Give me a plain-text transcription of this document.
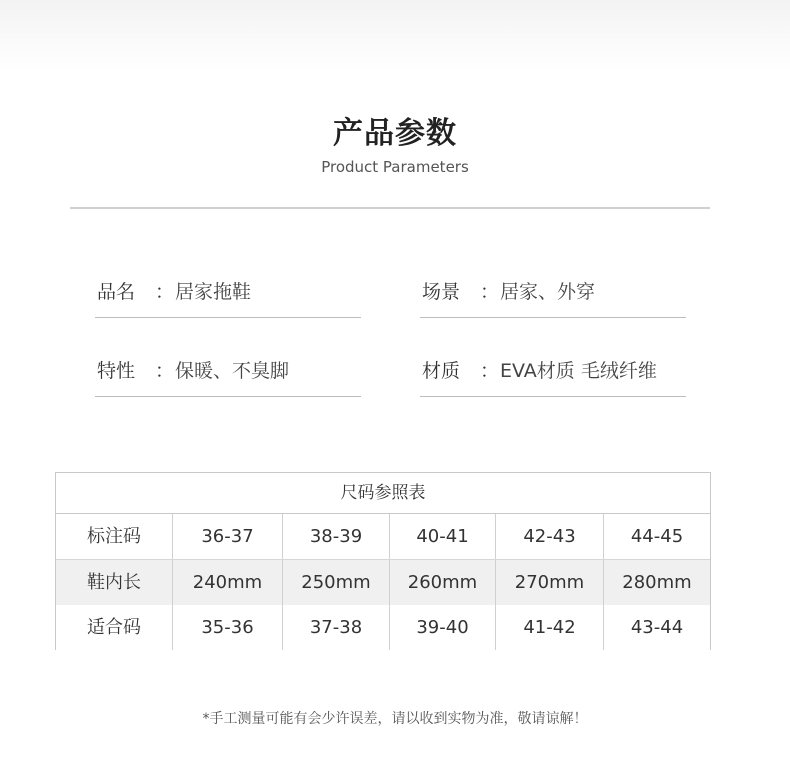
产品参数
Product Parameters
品名 ： 居家拖鞋	场景 ： 居家、外穿
特性 ： 保暖、不臭脚	材质 ： EVA材质 毛绒纤维
尺码参照表
标注码	36-37	38-39	40-41	42-43	44-45
鞋内长	240mm	250mm	260mm	270mm	280mm
适合码	35-36	37-38	39-40	41-42	43-44
*手工测量可能有会少许误差，请以收到实物为准，敬请谅解！
